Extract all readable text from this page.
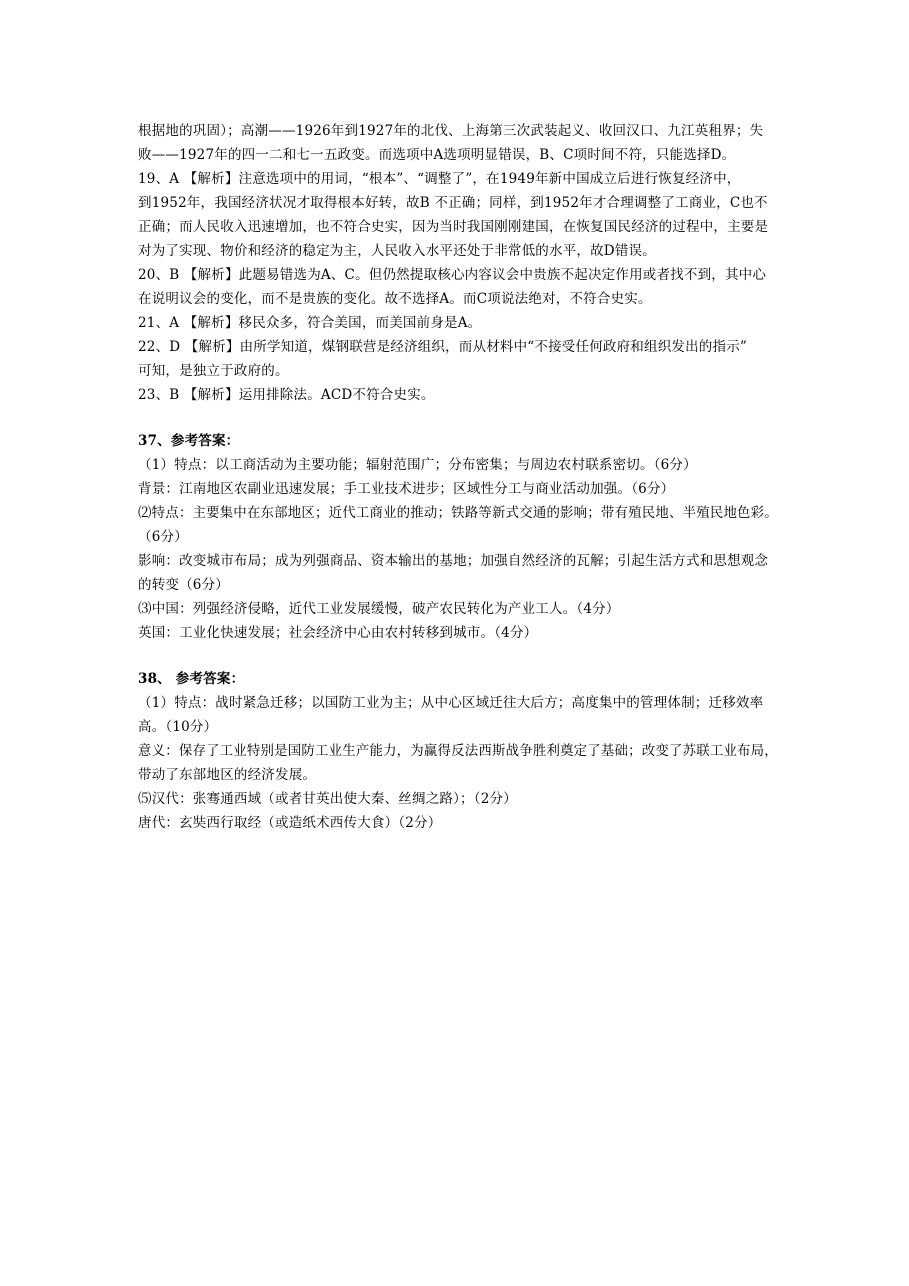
根据地的巩固）；高潮——1926年到1927年的北伐、上海第三次武装起义、收回汉口、九江英租界；失
败——1927年的四一二和七一五政变。而选项中A选项明显错误，B、C项时间不符，只能选择D。
19、A 【解析】注意选项中的用词，“根本”、“调整了”，在1949年新中国成立后进行恢复经济中，
到1952年，我国经济状况才取得根本好转，故B 不正确；同样，到1952年才合理调整了工商业，C也不
正确；而人民收入迅速增加，也不符合史实，因为当时我国刚刚建国，在恢复国民经济的过程中，主要是
对为了实现、物价和经济的稳定为主，人民收入水平还处于非常低的水平，故D错误。
20、B 【解析】此题易错选为A、C。但仍然提取核心内容议会中贵族不起决定作用或者找不到，其中心
在说明议会的变化，而不是贵族的变化。故不选择A。而C项说法绝对，不符合史实。
21、A 【解析】移民众多，符合美国，而美国前身是A。
22、D 【解析】由所学知道，煤钢联营是经济组织，而从材料中“不接受任何政府和组织发出的指示”
可知，是独立于政府的。
23、B 【解析】运用排除法。ACD不符合史实。
37、参考答案：
（1）特点：以工商活动为主要功能；辐射范围广；分布密集；与周边农村联系密切。（6分）
背景：江南地区农副业迅速发展；手工业技术进步；区域性分工与商业活动加强。（6分）
⑵特点：主要集中在东部地区；近代工商业的推动；铁路等新式交通的影响；带有殖民地、半殖民地色彩。
（6分）
影响：改变城市布局；成为列强商品、资本输出的基地；加强自然经济的瓦解；引起生活方式和思想观念
的转变（6分）
⑶中国：列强经济侵略，近代工业发展缓慢，破产农民转化为产业工人。（4分）
英国：工业化快速发展；社会经济中心由农村转移到城市。（4分）
38、 参考答案：
（1）特点：战时紧急迁移；以国防工业为主；从中心区域迁往大后方；高度集中的管理体制；迁移效率
高。（10分）
意义：保存了工业特别是国防工业生产能力，为赢得反法西斯战争胜利奠定了基础；改变了苏联工业布局，
带动了东部地区的经济发展。
⑸汉代：张骞通西域（或者甘英出使大秦、丝绸之路）；（2分）
唐代：玄奘西行取经（或造纸术西传大食）（2分）
